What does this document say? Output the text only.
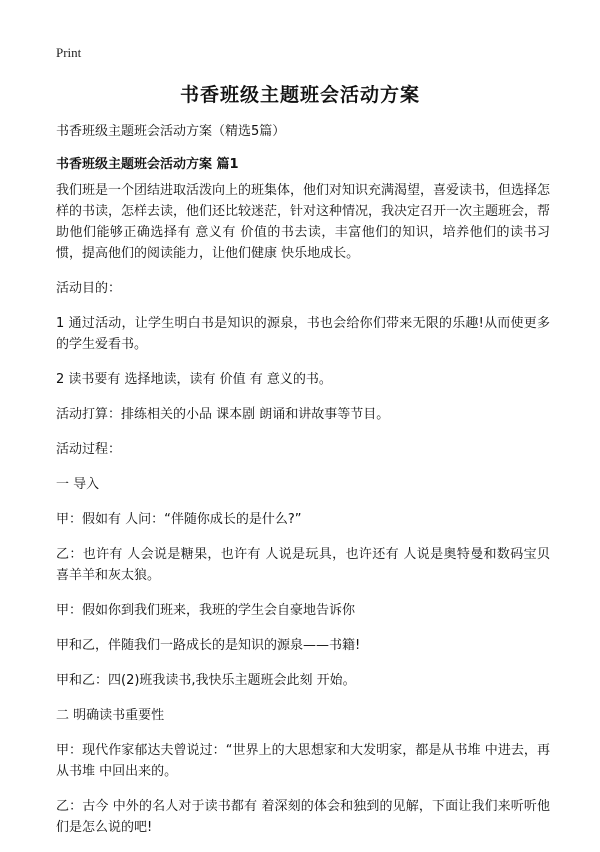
Print
书香班级主题班会活动方案
书香班级主题班会活动方案（精选5篇）
书香班级主题班会活动方案 篇1

我们班是一个团结进取活泼向上的班集体，他们对知识充满渴望，喜爱读书，但选择怎样的书读，怎样去读，他们还比较迷茫，针对这种情况，我决定召开一次主题班会，帮助他们能够正确选择有 意义有 价值的书去读，丰富他们的知识，培养他们的读书习惯，提高他们的阅读能力，让他们健康 快乐地成长。

活动目的：

1 通过活动，让学生明白书是知识的源泉，书也会给你们带来无限的乐趣!从而使更多的学生爱看书。

2 读书要有 选择地读，读有 价值 有 意义的书。

活动打算：排练相关的小品 课本剧 朗诵和讲故事等节目。

活动过程：

一 导入

甲：假如有 人问：“伴随你成长的是什么?”

乙：也许有 人会说是糖果，也许有 人说是玩具，也许还有 人说是奥特曼和数码宝贝 喜羊羊和灰太狼。

甲：假如你到我们班来，我班的学生会自豪地告诉你

甲和乙，伴随我们一路成长的是知识的源泉——书籍!

甲和乙：四(2)班我读书,我快乐主题班会此刻 开始。

二 明确读书重要性

甲：现代作家郁达夫曾说过：“世界上的大思想家和大发明家，都是从书堆 中进去，再从书堆 中回出来的。

乙：古今 中外的名人对于读书都有 着深刻的体会和独到的见解，下面让我们来听听他们是怎么说的吧!
